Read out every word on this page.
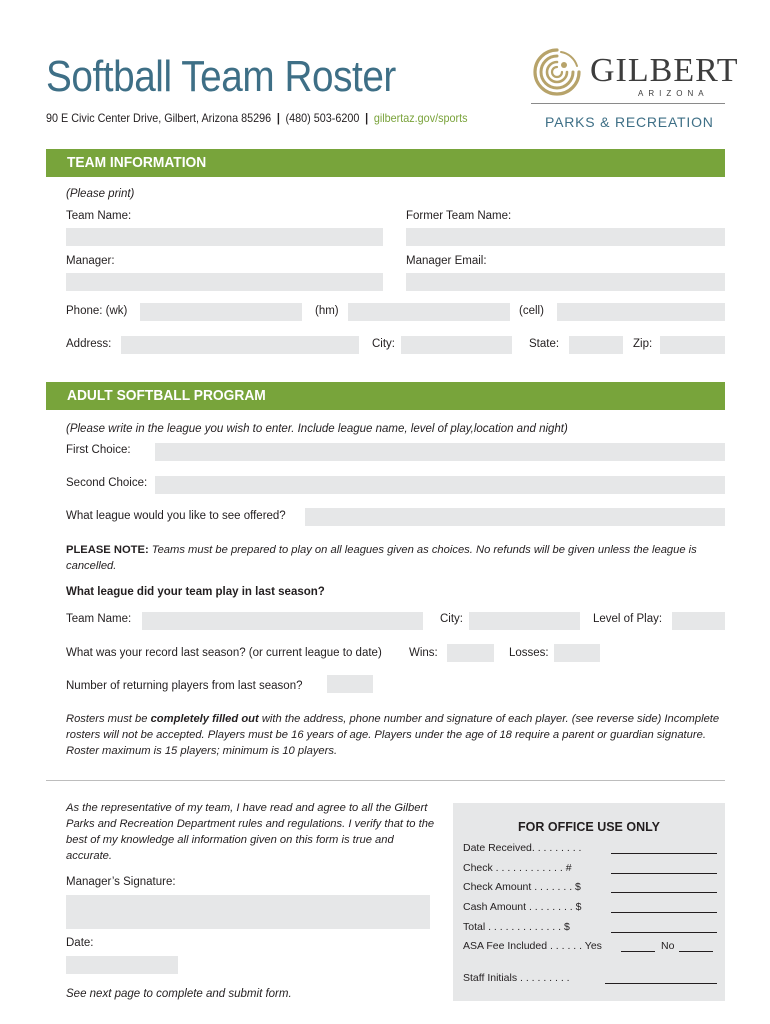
Softball Team Roster
90 E Civic Center Drive, Gilbert, Arizona 85296 | (480) 503-6200 | gilbertaz.gov/sports
GILBERT
ARIZONA
PARKS & RECREATION
TEAM INFORMATION
(Please print)
Team Name:	Former Team Name:
Manager:	Manager Email:
Phone: (wk)	(hm)	(cell)
Address:	City:	State:	Zip:
ADULT SOFTBALL PROGRAM
(Please write in the league you wish to enter. Include league name, level of play,location and night)
First Choice:
Second Choice:
What league would you like to see offered?
PLEASE NOTE: Teams must be prepared to play on all leagues given as choices. No refunds will be given unless the league is cancelled.
What league did your team play in last season?
Team Name:	City:	Level of Play:
What was your record last season? (or current league to date) Wins:	Losses:
Number of returning players from last season?
Rosters must be completely filled out with the address, phone number and signature of each player. (see reverse side) Incomplete rosters will not be accepted. Players must be 16 years of age. Players under the age of 18 require a parent or guardian signature. Roster maximum is 15 players; minimum is 10 players.
As the representative of my team, I have read and agree to all the Gilbert Parks and Recreation Department rules and regulations. I verify that to the best of my knowledge all information given on this form is true and accurate.
Manager’s Signature:
Date:
See next page to complete and submit form.
FOR OFFICE USE ONLY
Date Received. . . . . . . . .
Check . . . . . . . . . . . . #
Check Amount . . . . . . . $
Cash Amount . . . . . . . . $
Total . . . . . . . . . . . . . $
ASA Fee Included . . . . . . Yes	No
Staff Initials . . . . . . . . .
